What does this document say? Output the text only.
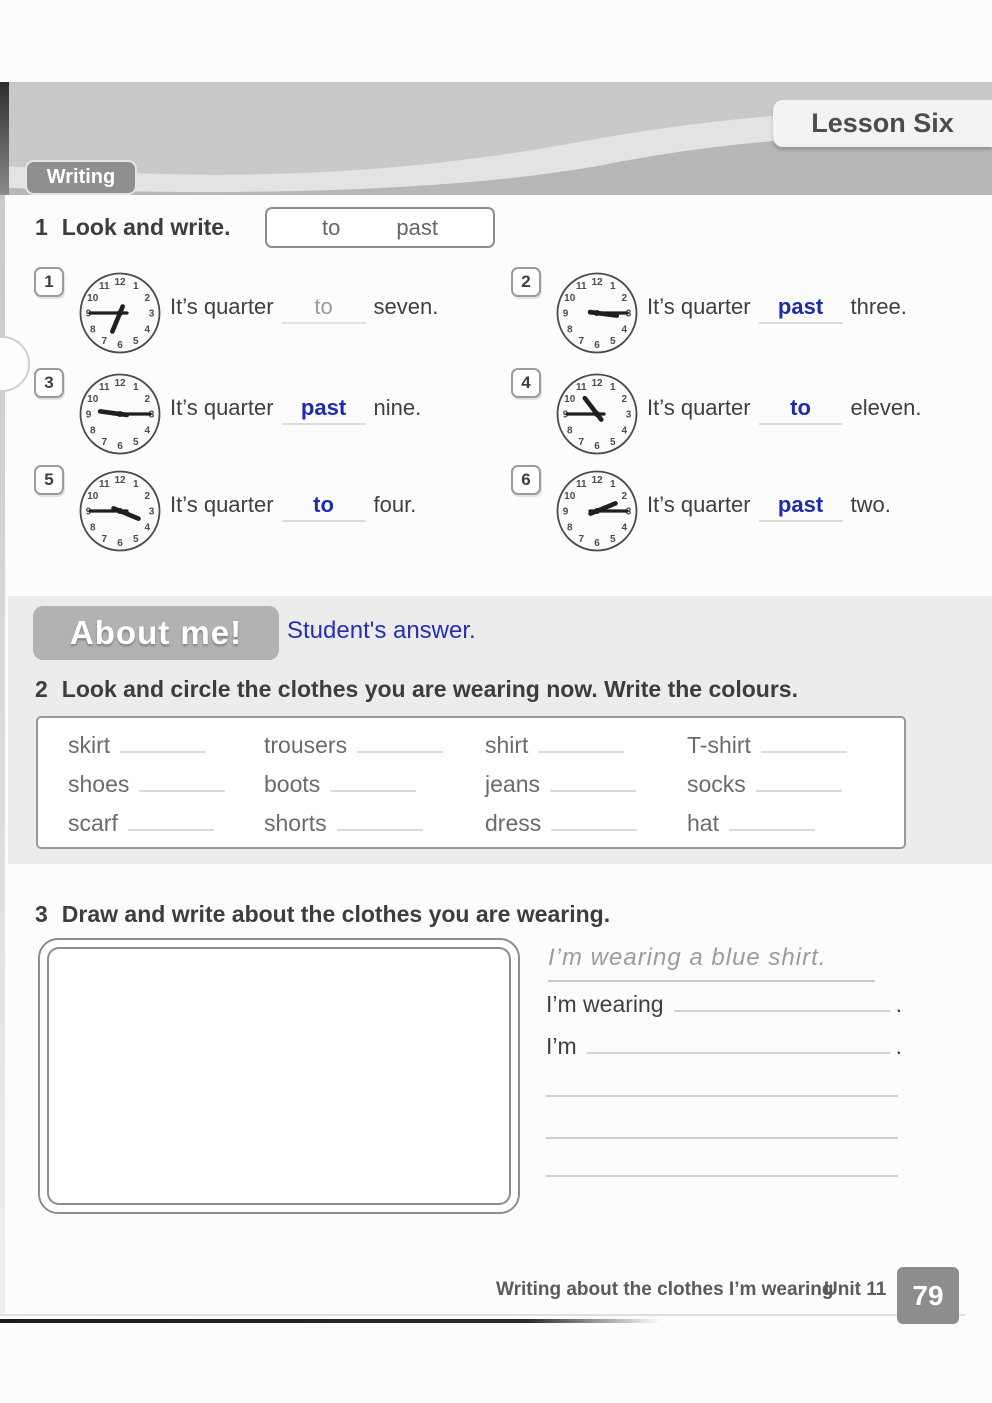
Lesson Six
Writing
1 Look and write.	to	past
1	1
2
3
4
5
6
7
8
9
10
11 12
It’s quarter to seven.
2	1
2
3
4
5
6
7
8
9
10
11 12
It’s quarter past three.
3	1
2
3
4
5
6
7
8
9
10
11 12
It’s quarter past nine.
4	1
2
3
4
5
6
7
8
9
10
11 12
It’s quarter to eleven.
5	1
2
3
4
5
6
7
8
9
10
11 12
It’s quarter to four.
6	1
2
3
4
5
6
7
8
9
10
11 12
It’s quarter past two.
About me!	Student's answer.
2 Look and circle the clothes you are wearing now. Write the colours.
skirt	trousers	shirt	T-shirt
shoes	boots	jeans	socks
scarf	shorts	dress	hat
3 Draw and write about the clothes you are wearing.
I’m wearing a blue shirt.
I’m wearing	.
I’m	.
Writing about the clothes I’m wearing
Unit 11 79
